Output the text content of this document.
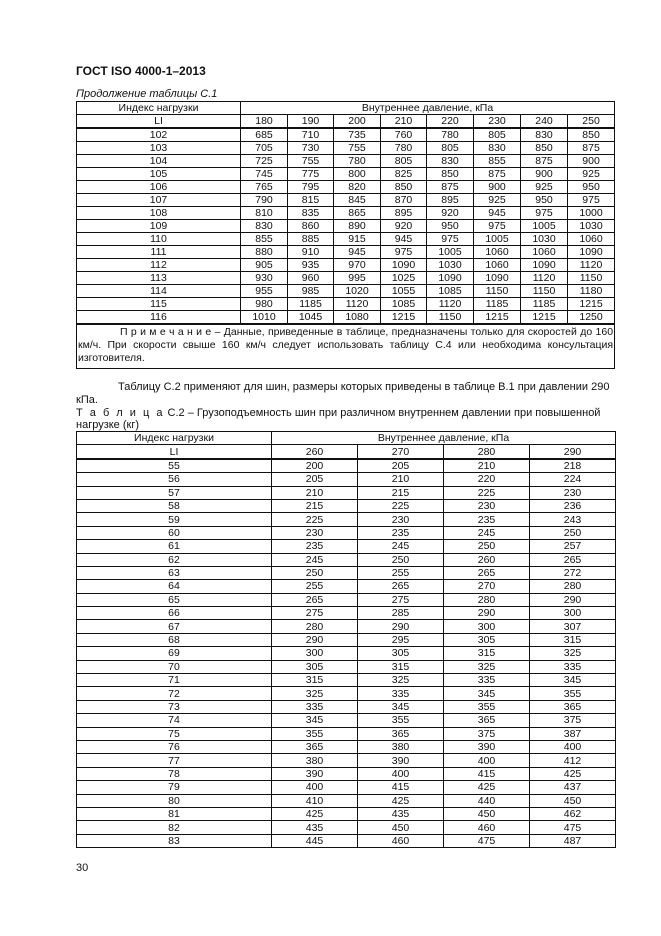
ГОСТ ISO 4000-1–2013
Продолжение таблицы С.1
Индекс нагрузки	Внутреннее давление, кПа							
LI	180	190	200	210	220	230	240	250
102	685	710	735	760	780	805	830	850
103	705	730	755	780	805	830	850	875
104	725	755	780	805	830	855	875	900
105	745	775	800	825	850	875	900	925
106	765	795	820	850	875	900	925	950
107	790	815	845	870	895	925	950	975
108	810	835	865	895	920	945	975	1000
109	830	860	890	920	950	975	1005	1030
110	855	885	915	945	975	1005	1030	1060
111	880	910	945	975	1005	1060	1060	1090
112	905	935	970	1090	1030	1060	1090	1120
113	930	960	995	1025	1090	1090	1120	1150
114	955	985	1020	1055	1085	1150	1150	1180
115	980	1185	1120	1085	1120	1185	1185	1215
116	1010	1045	1080	1215	1150	1215	1215	1250
П р и м е ч а н и е – Данные, приведенные в таблице, предназначены только для скоростей до 160 км/ч. При скорости свыше 160 км/ч следует использовать таблицу С.4 или необходима консультация изготовителя.								
Таблицу С.2 применяют для шин, размеры которых приведены в таблице В.1 при давлении 290 кПа.
Т а б л и ц а С.2 – Грузоподъемность шин при различном внутреннем давлении при повышенной нагрузке (кг)
Индекс нагрузки	Внутреннее давление, кПа			
LI	260	270	280	290
55	200	205	210	218
56	205	210	220	224
57	210	215	225	230
58	215	225	230	236
59	225	230	235	243
60	230	235	245	250
61	235	245	250	257
62	245	250	260	265
63	250	255	265	272
64	255	265	270	280
65	265	275	280	290
66	275	285	290	300
67	280	290	300	307
68	290	295	305	315
69	300	305	315	325
70	305	315	325	335
71	315	325	335	345
72	325	335	345	355
73	335	345	355	365
74	345	355	365	375
75	355	365	375	387
76	365	380	390	400
77	380	390	400	412
78	390	400	415	425
79	400	415	425	437
80	410	425	440	450
81	425	435	450	462
82	435	450	460	475
83	445	460	475	487
30
